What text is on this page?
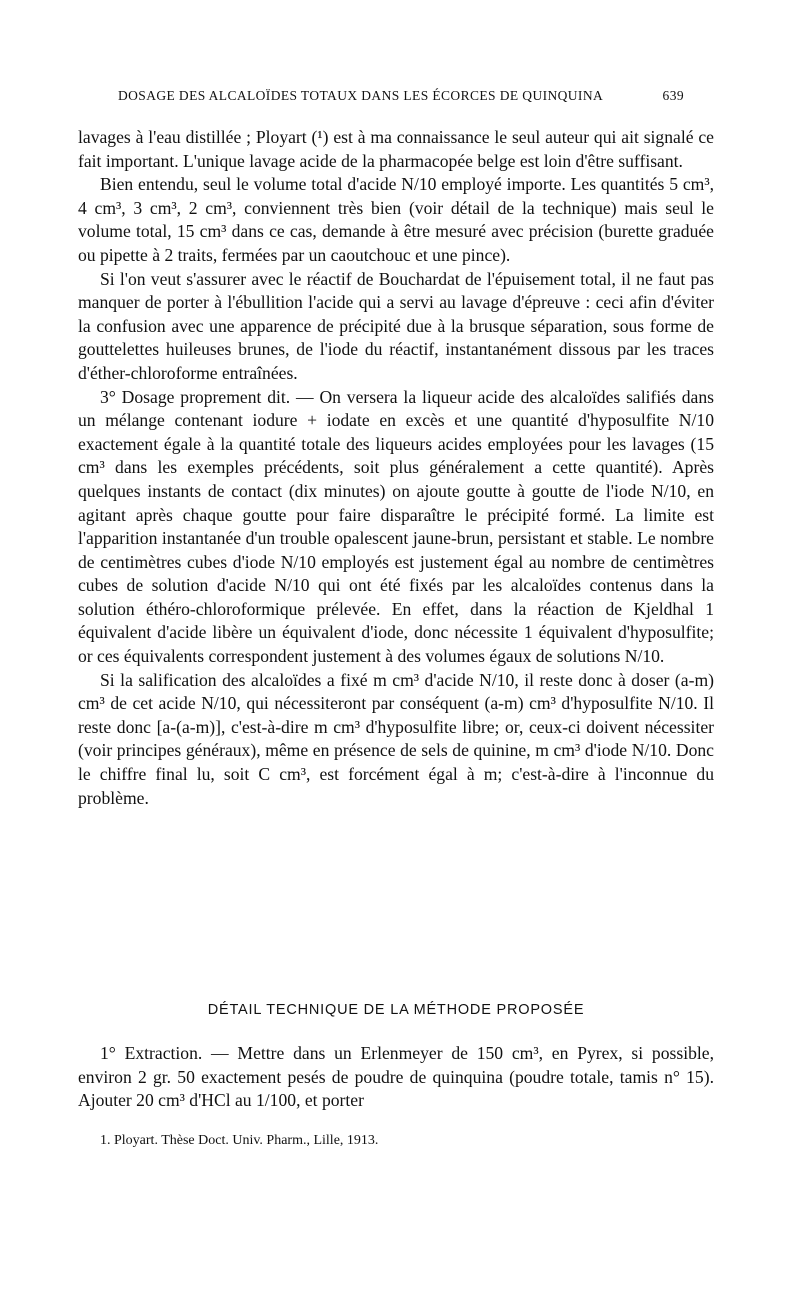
DOSAGE DES ALCALOÏDES TOTAUX DANS LES ÉCORCES DE QUINQUINA	639

lavages à l'eau distillée ; Ployart (¹) est à ma connaissance le seul auteur qui ait signalé ce fait important. L'unique lavage acide de la pharmacopée belge est loin d'être suffisant.

Bien entendu, seul le volume total d'acide N/10 employé importe. Les quantités 5 cm³, 4 cm³, 3 cm³, 2 cm³, conviennent très bien (voir détail de la technique) mais seul le volume total, 15 cm³ dans ce cas, demande à être mesuré avec précision (burette graduée ou pipette à 2 traits, fermées par un caoutchouc et une pince).

Si l'on veut s'assurer avec le réactif de Bouchardat de l'épuisement total, il ne faut pas manquer de porter à l'ébullition l'acide qui a servi au lavage d'épreuve : ceci afin d'éviter la confusion avec une apparence de précipité due à la brusque séparation, sous forme de gouttelettes huileuses brunes, de l'iode du réactif, instantanément dissous par les traces d'éther-chloroforme entraînées.

3° Dosage proprement dit. — On versera la liqueur acide des alcaloïdes salifiés dans un mélange contenant iodure + iodate en excès et une quantité d'hyposulfite N/10 exactement égale à la quantité totale des liqueurs acides employées pour les lavages (15 cm³ dans les exemples précédents, soit plus généralement a cette quantité). Après quelques instants de contact (dix minutes) on ajoute goutte à goutte de l'iode N/10, en agitant après chaque goutte pour faire disparaître le précipité formé. La limite est l'apparition instantanée d'un trouble opalescent jaune-brun, persistant et stable. Le nombre de centimètres cubes d'iode N/10 employés est justement égal au nombre de centimètres cubes de solution d'acide N/10 qui ont été fixés par les alcaloïdes contenus dans la solution éthéro-chloroformique prélevée. En effet, dans la réaction de Kjeldhal 1 équivalent d'acide libère un équivalent d'iode, donc nécessite 1 équivalent d'hyposulfite; or ces équivalents correspondent justement à des volumes égaux de solutions N/10.

Si la salification des alcaloïdes a fixé m cm³ d'acide N/10, il reste donc à doser (a-m) cm³ de cet acide N/10, qui nécessiteront par conséquent (a-m) cm³ d'hyposulfite N/10. Il reste donc [a-(a-m)], c'est-à-dire m cm³ d'hyposulfite libre; or, ceux-ci doivent nécessiter (voir principes généraux), même en présence de sels de quinine, m cm³ d'iode N/10. Donc le chiffre final lu, soit C cm³, est forcément égal à m; c'est-à-dire à l'inconnue du problème.

DÉTAIL TECHNIQUE DE LA MÉTHODE PROPOSÉE

1° Extraction. — Mettre dans un Erlenmeyer de 150 cm³, en Pyrex, si possible, environ 2 gr. 50 exactement pesés de poudre de quinquina (poudre totale, tamis n° 15). Ajouter 20 cm³ d'HCl au 1/100, et porter

1. Ployart. Thèse Doct. Univ. Pharm., Lille, 1913.
